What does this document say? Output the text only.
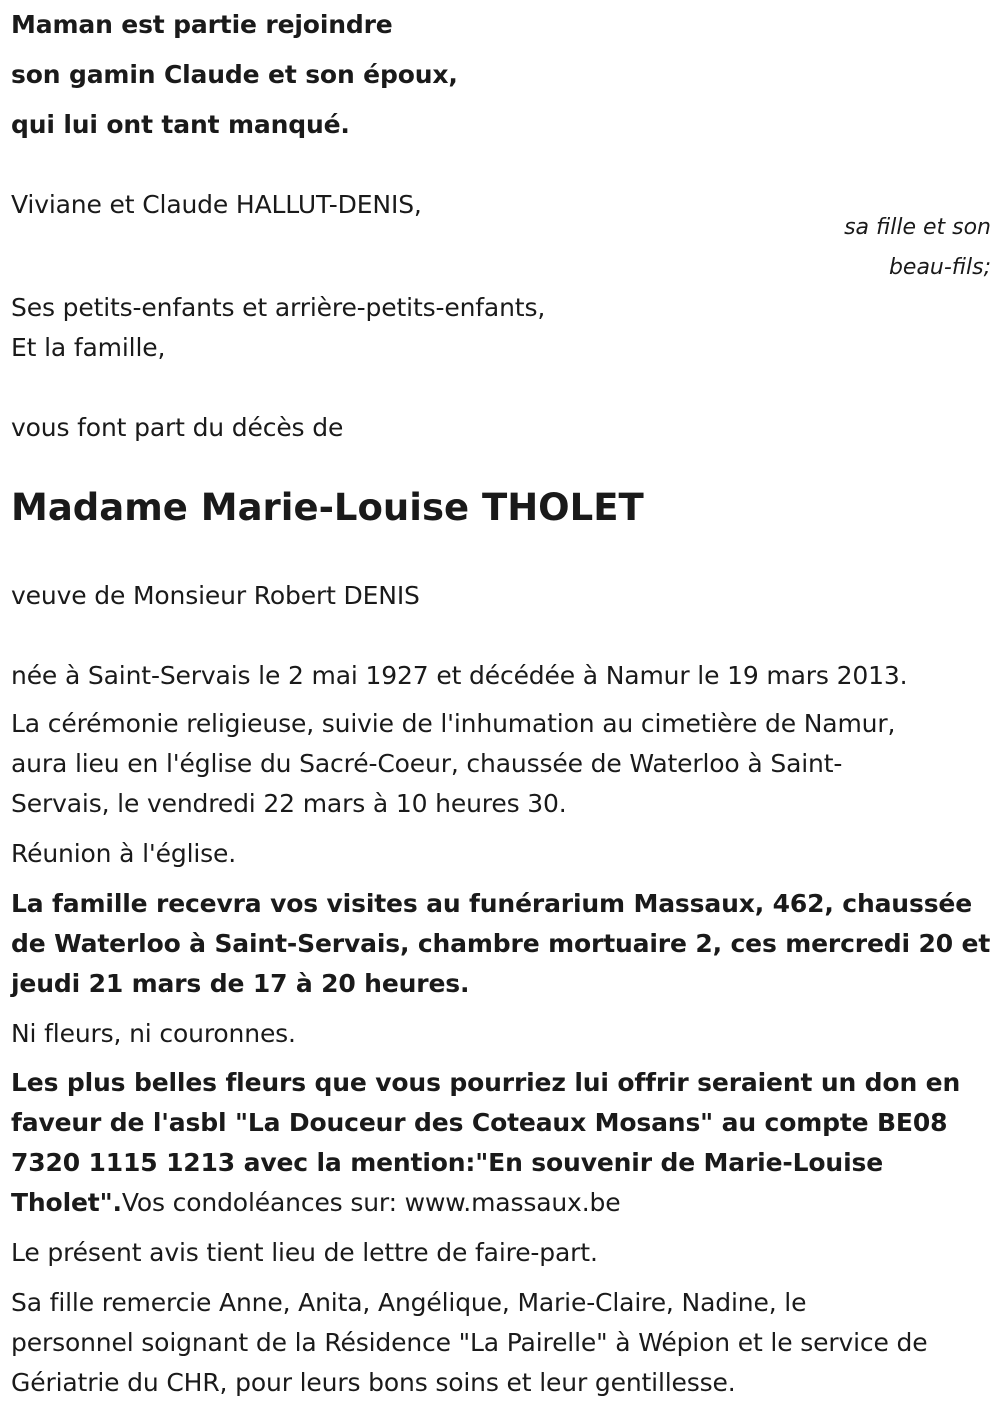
Maman est partie rejoindre
son gamin Claude et son époux,
qui lui ont tant manqué.
Viviane et Claude HALLUT-DENIS,
sa fille et son
beau-fils;
Ses petits-enfants et arrière-petits-enfants,
Et la famille,
vous font part du décès de
Madame Marie-Louise THOLET
veuve de Monsieur Robert DENIS
née à Saint-Servais le 2 mai 1927 et décédée à Namur le 19 mars 2013.
La cérémonie religieuse, suivie de l'inhumation au cimetière de Namur,
aura lieu en l'église du Sacré-Coeur, chaussée de Waterloo à Saint-
Servais, le vendredi 22 mars à 10 heures 30.
Réunion à l'église.
La famille recevra vos visites au funérarium Massaux, 462, chaussée
de Waterloo à Saint-Servais, chambre mortuaire 2, ces mercredi 20 et
jeudi 21 mars de 17 à 20 heures.
Ni fleurs, ni couronnes.
Les plus belles fleurs que vous pourriez lui offrir seraient un don en
faveur de l'asbl "La Douceur des Coteaux Mosans" au compte BE08
7320 1115 1213 avec la mention:"En souvenir de Marie-Louise
Tholet".Vos condoléances sur: www.massaux.be
Le présent avis tient lieu de lettre de faire-part.
Sa fille remercie Anne, Anita, Angélique, Marie-Claire, Nadine, le
personnel soignant de la Résidence "La Pairelle" à Wépion et le service de
Gériatrie du CHR, pour leurs bons soins et leur gentillesse.
